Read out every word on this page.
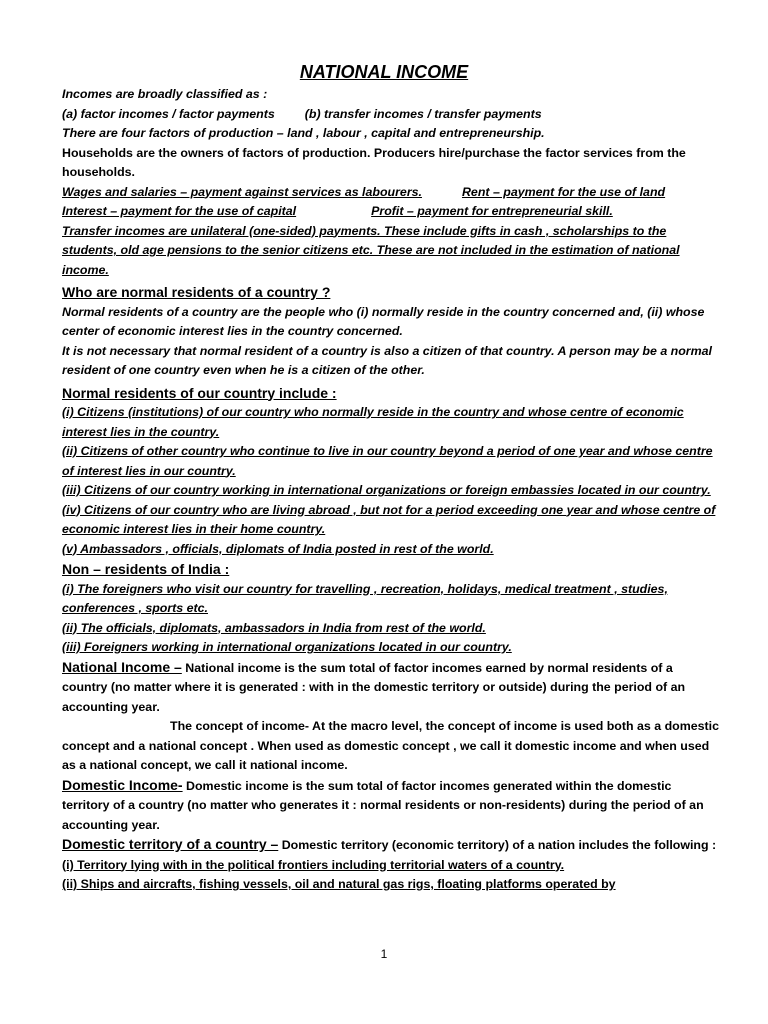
NATIONAL INCOME

Incomes are broadly classified as :

(a) factor incomes / factor payments (b) transfer incomes / transfer payments

There are four factors of production – land , labour , capital and entrepreneurship.

Households are the owners of factors of production. Producers hire/purchase the factor services from the households.

Wages and salaries – payment against services as labourers.	Rent – payment for the use of land

Interest – payment for the use of capital	Profit – payment for entrepreneurial skill.

Transfer incomes are unilateral (one-sided) payments. These include gifts in cash , scholarships to the students, old age pensions to the senior citizens etc. These are not included in the estimation of national income.

Who are normal residents of a country ?

Normal residents of a country are the people who (i) normally reside in the country concerned and, (ii) whose center of economic interest lies in the country concerned.

It is not necessary that normal resident of a country is also a citizen of that country. A person may be a normal resident of one country even when he is a citizen of the other.

Normal residents of our country include :

(i) Citizens (institutions) of our country who normally reside in the country and whose centre of economic interest lies in the country.

(ii) Citizens of other country who continue to live in our country beyond a period of one year and whose centre of interest lies in our country.

(iii) Citizens of our country working in international organizations or foreign embassies located in our country.

(iv) Citizens of our country who are living abroad , but not for a period exceeding one year and whose centre of economic interest lies in their home country.

(v) Ambassadors , officials, diplomats of India posted in rest of the world.

Non – residents of India :

(i) The foreigners who visit our country for travelling , recreation, holidays, medical treatment , studies, conferences , sports etc.

(ii) The officials, diplomats, ambassadors in India from rest of the world.

(iii) Foreigners working in international organizations located in our country.

National Income – National income is the sum total of factor incomes earned by normal residents of a country (no matter where it is generated : with in the domestic territory or outside) during the period of an accounting year.

The concept of income- At the macro level, the concept of income is used both as a domestic concept and a national concept . When used as domestic concept , we call it domestic income and when used as a national concept, we call it national income.

Domestic Income- Domestic income is the sum total of factor incomes generated within the domestic territory of a country (no matter who generates it : normal residents or non-residents) during the period of an accounting year.

Domestic territory of a country – Domestic territory (economic territory) of a nation includes the following :

(i) Territory lying with in the political frontiers including territorial waters of a country.

(ii) Ships and aircrafts, fishing vessels, oil and natural gas rigs, floating platforms operated by

1
